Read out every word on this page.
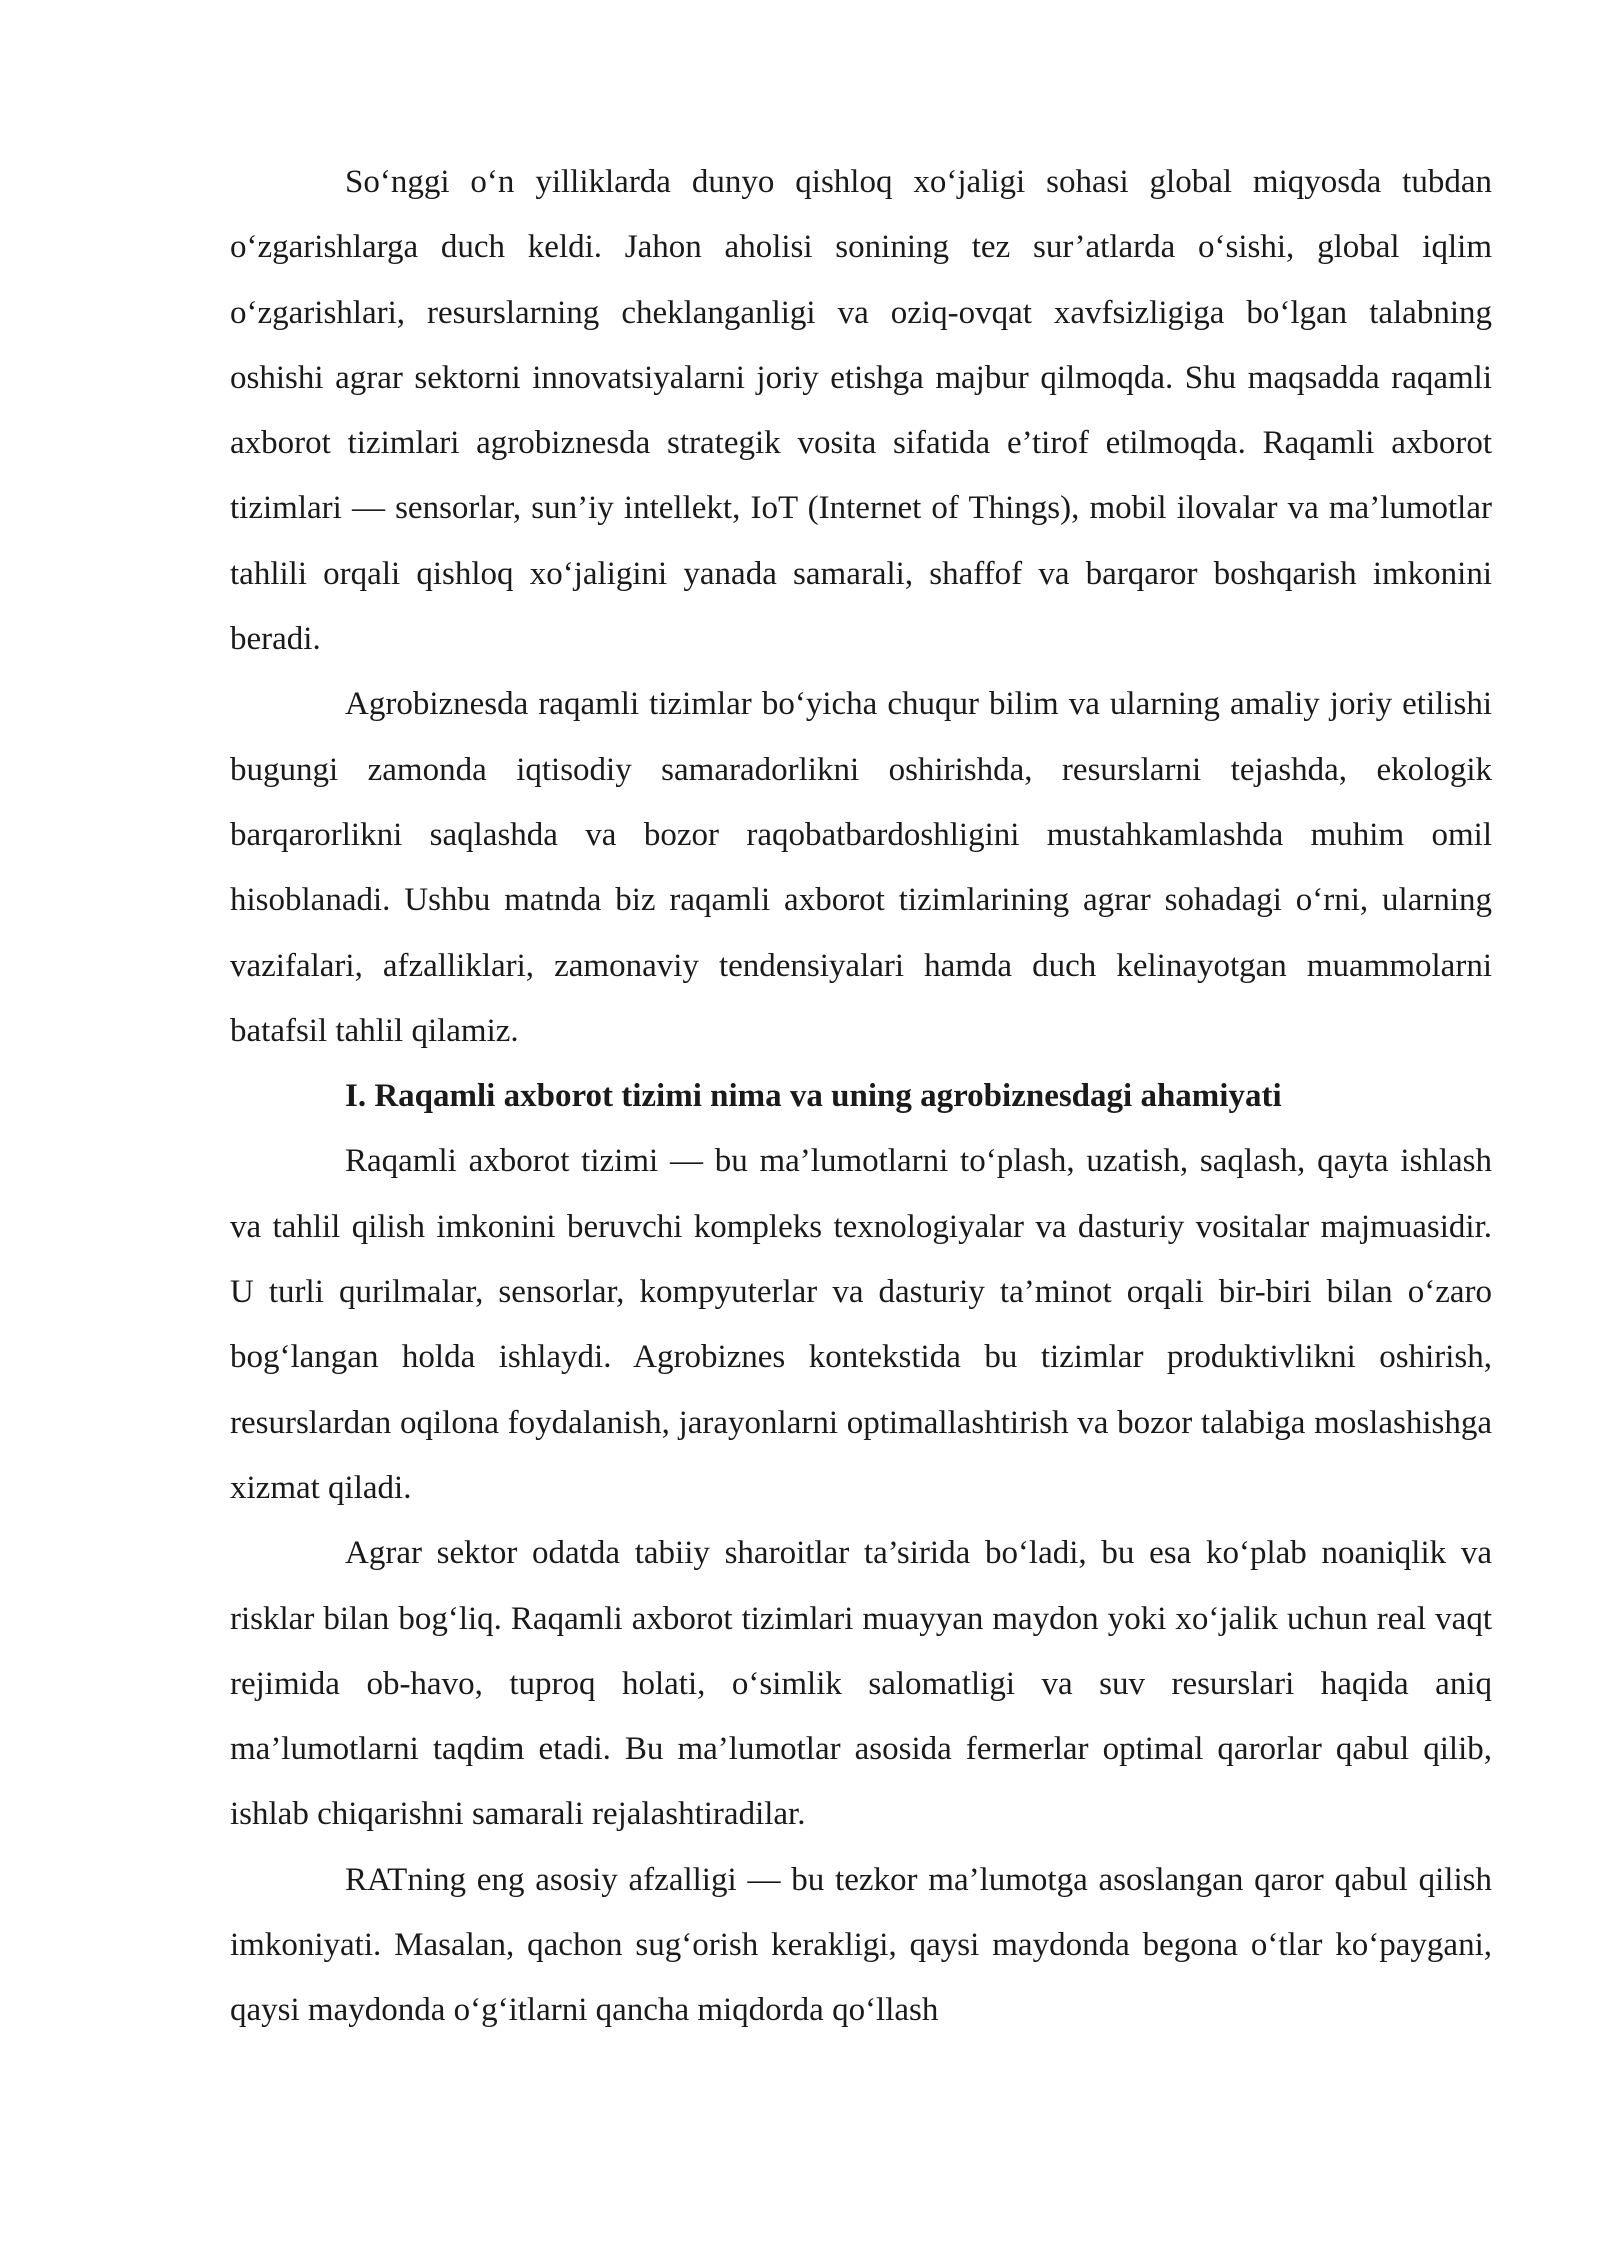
So‘nggi o‘n yilliklarda dunyo qishloq xo‘jaligi sohasi global miqyosda tubdan o‘zgarishlarga duch keldi. Jahon aholisi sonining tez sur’atlarda o‘sishi, global iqlim o‘zgarishlari, resurslarning cheklanganligi va oziq-ovqat xavfsizligiga bo‘lgan talabning oshishi agrar sektorni innovatsiyalarni joriy etishga majbur qilmoqda. Shu maqsadda raqamli axborot tizimlari agrobiznesda strategik vosita sifatida e’tirof etilmoqda. Raqamli axborot tizimlari — sensorlar, sun’iy intellekt, IoT (Internet of Things), mobil ilovalar va ma’lumotlar tahlili orqali qishloq xo‘jaligini yanada samarali, shaffof va barqaror boshqarish imkonini beradi.

Agrobiznesda raqamli tizimlar bo‘yicha chuqur bilim va ularning amaliy joriy etilishi bugungi zamonda iqtisodiy samaradorlikni oshirishda, resurslarni tejashda, ekologik barqarorlikni saqlashda va bozor raqobatbardoshligini mustahkamlashda muhim omil hisoblanadi. Ushbu matnda biz raqamli axborot tizimlarining agrar sohadagi o‘rni, ularning vazifalari, afzalliklari, zamonaviy tendensiyalari hamda duch kelinayotgan muammolarni batafsil tahlil qilamiz.

I. Raqamli axborot tizimi nima va uning agrobiznesdagi ahamiyati

Raqamli axborot tizimi — bu ma’lumotlarni to‘plash, uzatish, saqlash, qayta ishlash va tahlil qilish imkonini beruvchi kompleks texnologiyalar va dasturiy vositalar majmuasidir. U turli qurilmalar, sensorlar, kompyuterlar va dasturiy ta’minot orqali bir-biri bilan o‘zaro bog‘langan holda ishlaydi. Agrobiznes kontekstida bu tizimlar produktivlikni oshirish, resurslardan oqilona foydalanish, jarayonlarni optimallashtirish va bozor talabiga moslashishga xizmat qiladi.

Agrar sektor odatda tabiiy sharoitlar ta’sirida bo‘ladi, bu esa ko‘plab noaniqlik va risklar bilan bog‘liq. Raqamli axborot tizimlari muayyan maydon yoki xo‘jalik uchun real vaqt rejimida ob-havo, tuproq holati, o‘simlik salomatligi va suv resurslari haqida aniq ma’lumotlarni taqdim etadi. Bu ma’lumotlar asosida fermerlar optimal qarorlar qabul qilib, ishlab chiqarishni samarali rejalashtiradilar.

RATning eng asosiy afzalligi — bu tezkor ma’lumotga asoslangan qaror qabul qilish imkoniyati. Masalan, qachon sug‘orish kerakligi, qaysi maydonda begona o‘tlar ko‘paygani, qaysi maydonda o‘g‘itlarni qancha miqdorda qo‘llash
